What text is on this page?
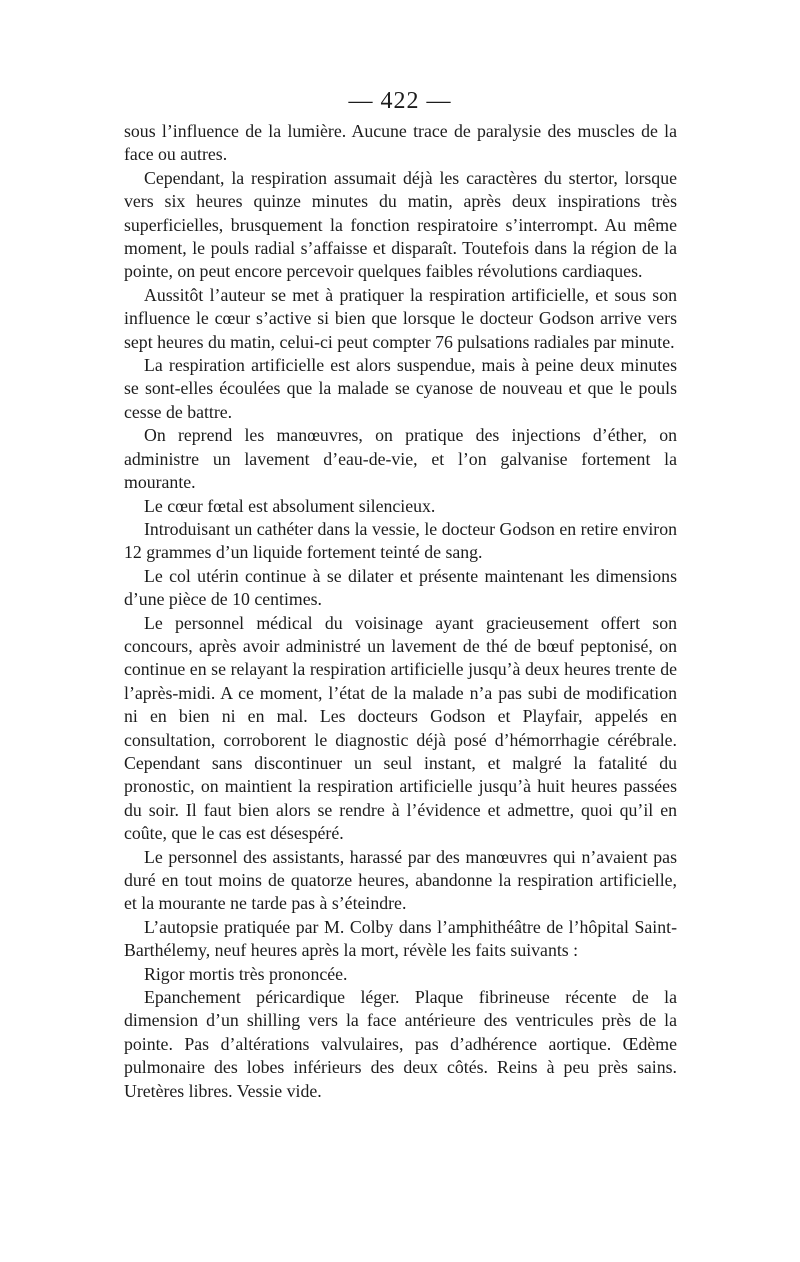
— 422 —

sous l’influence de la lumière. Aucune trace de paralysie des muscles de la face ou autres.

Cependant, la respiration assumait déjà les caractères du stertor, lorsque vers six heures quinze minutes du matin, après deux inspirations très superficielles, brusquement la fonction respiratoire s’interrompt. Au même moment, le pouls radial s’affaisse et disparaît. Toutefois dans la région de la pointe, on peut encore percevoir quelques faibles révolutions cardiaques.

Aussitôt l’auteur se met à pratiquer la respiration artificielle, et sous son influence le cœur s’active si bien que lorsque le docteur Godson arrive vers sept heures du matin, celui-ci peut compter 76 pulsations radiales par minute.

La respiration artificielle est alors suspendue, mais à peine deux minutes se sont-elles écoulées que la malade se cyanose de nouveau et que le pouls cesse de battre.

On reprend les manœuvres, on pratique des injections d’éther, on administre un lavement d’eau-de-vie, et l’on galvanise fortement la mourante.

Le cœur fœtal est absolument silencieux.

Introduisant un cathéter dans la vessie, le docteur Godson en retire environ 12 grammes d’un liquide fortement teinté de sang.

Le col utérin continue à se dilater et présente maintenant les dimensions d’une pièce de 10 centimes.

Le personnel médical du voisinage ayant gracieusement offert son concours, après avoir administré un lavement de thé de bœuf peptonisé, on continue en se relayant la respiration artificielle jusqu’à deux heures trente de l’après-midi. A ce moment, l’état de la malade n’a pas subi de modification ni en bien ni en mal. Les docteurs Godson et Playfair, appelés en consultation, corroborent le diagnostic déjà posé d’hémorrhagie cérébrale. Cependant sans discontinuer un seul instant, et malgré la fatalité du pronostic, on maintient la respiration artificielle jusqu’à huit heures passées du soir. Il faut bien alors se rendre à l’évidence et admettre, quoi qu’il en coûte, que le cas est désespéré.

Le personnel des assistants, harassé par des manœuvres qui n’avaient pas duré en tout moins de quatorze heures, abandonne la respiration artificielle, et la mourante ne tarde pas à s’éteindre.

L’autopsie pratiquée par M. Colby dans l’amphithéâtre de l’hôpital Saint-Barthélemy, neuf heures après la mort, révèle les faits suivants :

Rigor mortis très prononcée.

Epanchement péricardique léger. Plaque fibrineuse récente de la dimension d’un shilling vers la face antérieure des ventricules près de la pointe. Pas d’altérations valvulaires, pas d’adhérence aortique. Œdème pulmonaire des lobes inférieurs des deux côtés. Reins à peu près sains. Uretères libres. Vessie vide.
